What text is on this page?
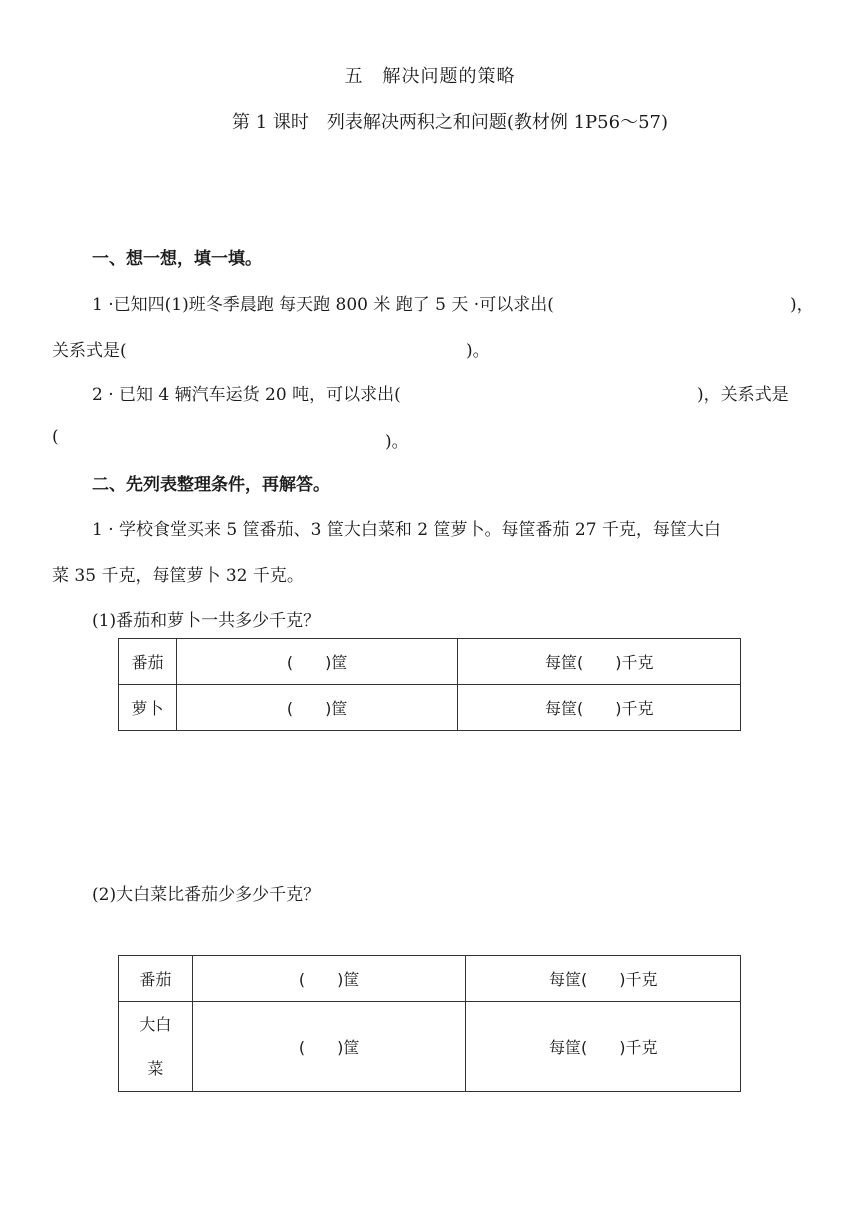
五　解决问题的策略
第 1 课时　列表解决两积之和问题(教材例 1P56～57)
一、想一想，填一填。
1 ·已知四(1)班冬季晨跑 每天跑 800 米 跑了 5 天 ·可以求出(	)，
关系式是(	)。
2 · 已知 4 辆汽车运货 20 吨，可以求出(	)，关系式是
(	)。
二、先列表整理条件，再解答。
1 · 学校食堂买来 5 筐番茄、3 筐大白菜和 2 筐萝卜。每筐番茄 27 千克，每筐大白
菜 35 千克，每筐萝卜 32 千克。
(1)番茄和萝卜一共多少千克？
番茄	(　　)筐	每筐(　　)千克
萝卜	(　　)筐	每筐(　　)千克
(2)大白菜比番茄少多少千克？
番茄	(　　)筐	每筐(　　)千克

大白
菜	(　　)筐	每筐(　　)千克
